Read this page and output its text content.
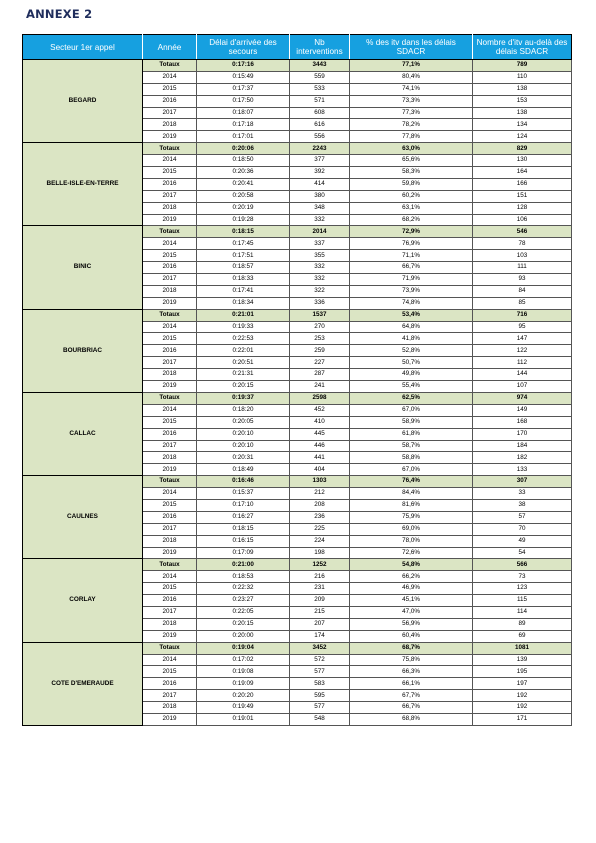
ANNEXE 2
Secteur 1er appel	Année	Délai d'arrivée des secours	Nb interventions	% des itv dans les délais SDACR	Nombre d'itv au-delà des délais SDACR
BEGARD	Totaux	0:17:16	3443	77,1%	789
	2014	0:15:49	559	80,4%	110
	2015	0:17:37	533	74,1%	138
	2016	0:17:50	571	73,3%	153
	2017	0:18:07	608	77,3%	138
	2018	0:17:18	616	78,2%	134
	2019	0:17:01	556	77,8%	124
BELLE-ISLE-EN-TERRE	Totaux	0:20:06	2243	63,0%	829
	2014	0:18:50	377	65,6%	130
	2015	0:20:36	392	58,3%	164
	2016	0:20:41	414	59,8%	166
	2017	0:20:58	380	60,2%	151
	2018	0:20:19	348	63,1%	128
	2019	0:19:28	332	68,2%	106
BINIC	Totaux	0:18:15	2014	72,9%	546
	2014	0:17:45	337	76,9%	78
	2015	0:17:51	355	71,1%	103
	2016	0:18:57	332	66,7%	111
	2017	0:18:33	332	71,9%	93
	2018	0:17:41	322	73,9%	84
	2019	0:18:34	336	74,8%	85
BOURBRIAC	Totaux	0:21:01	1537	53,4%	716
	2014	0:19:33	270	64,8%	95
	2015	0:22:53	253	41,8%	147
	2016	0:22:01	259	52,8%	122
	2017	0:20:51	227	50,7%	112
	2018	0:21:31	287	49,8%	144
	2019	0:20:15	241	55,4%	107
CALLAC	Totaux	0:19:37	2598	62,5%	974
	2014	0:18:20	452	67,0%	149
	2015	0:20:05	410	58,9%	168
	2016	0:20:10	445	61,8%	170
	2017	0:20:10	446	58,7%	184
	2018	0:20:31	441	58,8%	182
	2019	0:18:49	404	67,0%	133
CAULNES	Totaux	0:16:46	1303	76,4%	307
	2014	0:15:37	212	84,4%	33
	2015	0:17:10	208	81,6%	38
	2016	0:16:27	236	75,9%	57
	2017	0:18:15	225	69,0%	70
	2018	0:16:15	224	78,0%	49
	2019	0:17:09	198	72,6%	54
CORLAY	Totaux	0:21:00	1252	54,8%	566
	2014	0:18:53	216	66,2%	73
	2015	0:22:32	231	46,9%	123
	2016	0:23:27	209	45,1%	115
	2017	0:22:05	215	47,0%	114
	2018	0:20:15	207	56,9%	89
	2019	0:20:00	174	60,4%	69
COTE D'EMERAUDE	Totaux	0:19:04	3452	68,7%	1081
	2014	0:17:02	572	75,8%	139
	2015	0:19:08	577	66,3%	195
	2016	0:19:09	583	66,1%	197
	2017	0:20:20	595	67,7%	192
	2018	0:19:49	577	66,7%	192
	2019	0:19:01	548	68,8%	171
